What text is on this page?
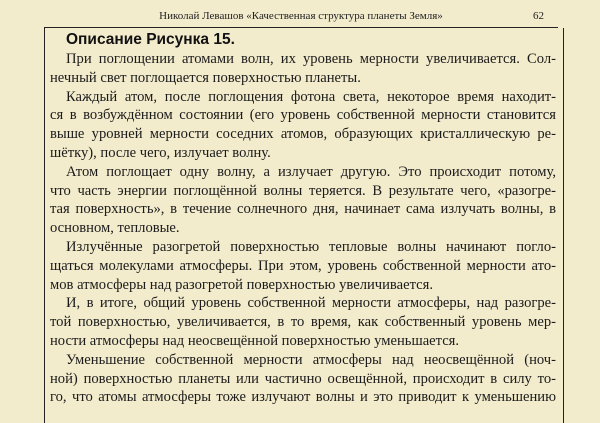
Николай Левашов «Качественная структура планеты Земля»	62
Описание Рисунка 15.
При поглощении атомами волн, их уровень мерности увеличивается. Сол-
нечный свет поглощается поверхностью планеты.
Каждый атом, после поглощения фотона света, некоторое время находит-
ся в возбуждённом состоянии (его уровень собственной мерности становится
выше уровней мерности соседних атомов, образующих кристаллическую ре-
шётку), после чего, излучает волну.
Атом поглощает одну волну, а излучает другую. Это происходит потому,
что часть энергии поглощённой волны теряется. В результате чего, «разогре-
тая поверхность», в течение солнечного дня, начинает сама излучать волны, в
основном, тепловые.
Излучённые разогретой поверхностью тепловые волны начинают погло-
щаться молекулами атмосферы. При этом, уровень собственной мерности ато-
мов атмосферы над разогретой поверхностью увеличивается.
И, в итоге, общий уровень собственной мерности атмосферы, над разогре-
той поверхностью, увеличивается, в то время, как собственный уровень мер-
ности атмосферы над неосвещённой поверхностью уменьшается.
Уменьшение собственной мерности атмосферы над неосвещённой (ноч-
ной) поверхностью планеты или частично освещённой, происходит в силу то-
го, что атомы атмосферы тоже излучают волны и это приводит к уменьшению
